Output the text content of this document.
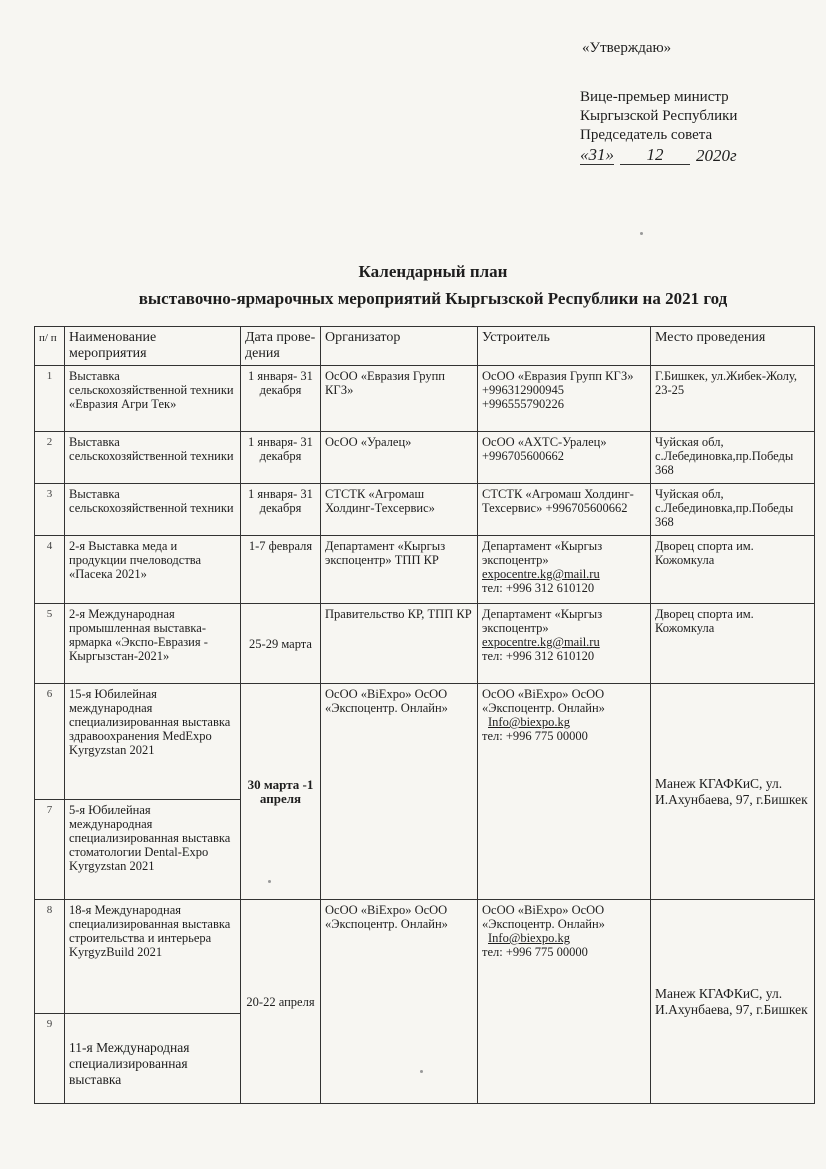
«Утверждаю»
Вице-премьер министр
Кыргызской Республики
Председатель совета
«31»	12	2020г
Календарный план
выставочно-ярмарочных мероприятий Кыргызской Республики на 2021 год
п/ п	Наименование мероприятия	Дата прове- дения	Организатор	Устроитель	Место проведения
1	Выставка сельскохозяйственной техники «Евразия Агри Тек»	1 января- 31 декабря	ОсОО «Евразия Групп КГЗ»	ОсОО «Евразия Групп КГЗ» +996312900945 +996555790226	Г.Бишкек, ул.Жибек-Жолу, 23-25
2	Выставка сельскохозяйственной техники	1 января- 31 декабря	ОсОО «Уралец»	ОсОО «АХТС-Уралец» +996705600662	Чуйская обл, с.Лебединовка,пр.Победы 368
3	Выставка сельскохозяйственной техники	1 января- 31 декабря	СТСТК «Агромаш Холдинг-Техсервис»	СТСТК «Агромаш Холдинг-Техсервис» +996705600662	Чуйская обл, с.Лебединовка,пр.Победы 368
4	2-я Выставка меда и продукции пчеловодства «Пасека 2021»	1-7 февраля	Департамент «Кыргыз экспоцентр» ТПП КР	Департамент «Кыргыз экспоцентр»
expocentre.kg@mail.ru
тел: +996 312 610120	Дворец спорта им. Кожомкула
5	2-я Международная промышленная выставка-ярмарка «Экспо-Евразия - Кыргызстан-2021»	25-29 марта	Правительство КР, ТПП КР	Департамент «Кыргыз экспоцентр»
expocentre.kg@mail.ru
тел: +996 312 610120	Дворец спорта им. Кожомкула
6	15-я Юбилейная международная специализированная выставка здравоохранения MedExpo Kyrgyzstan 2021	30 марта -1 апреля	ОсОО «BiExpo» ОсОО «Экспоцентр. Онлайн»	ОсОО «BiExpo» ОсОО «Экспоцентр. Онлайн»
Info@biexpo.kg
тел: +996 775 00000	Манеж КГАФКиС, ул. И.Ахунбаева, 97, г.Бишкек
7	5-я Юбилейная международная специализированная выставка стоматологии Dental-Expo Kyrgyzstan 2021				
8	18-я Международная специализированная выставка строительства и интерьера KyrgyzBuild 2021	20-22 апреля	ОсОО «BiExpo» ОсОО «Экспоцентр. Онлайн»	ОсОО «BiExpo» ОсОО «Экспоцентр. Онлайн»
Info@biexpo.kg
тел: +996 775 00000	Манеж КГАФКиС, ул. И.Ахунбаева, 97, г.Бишкек
9	11-я Международная специализированная выставка				
